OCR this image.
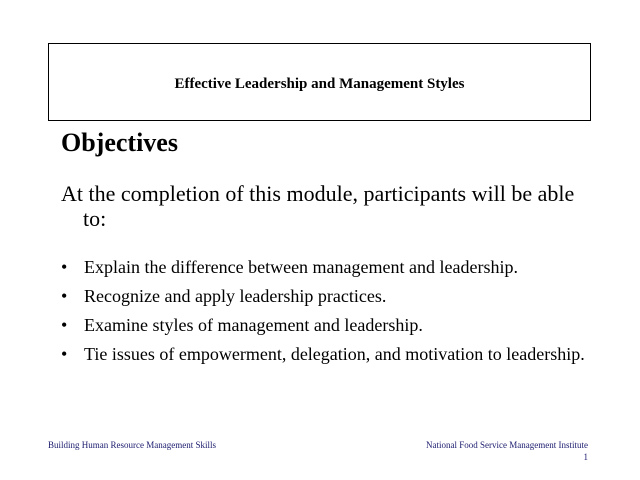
Effective Leadership and Management Styles
Objectives
At the completion of this module, participants will be able to:
• Explain the difference between management and leadership.
• Recognize and apply leadership practices.
• Examine styles of management and leadership.
• Tie issues of empowerment, delegation, and motivation to leadership.
Building Human Resource Management Skills	National Food Service Management Institute
1
